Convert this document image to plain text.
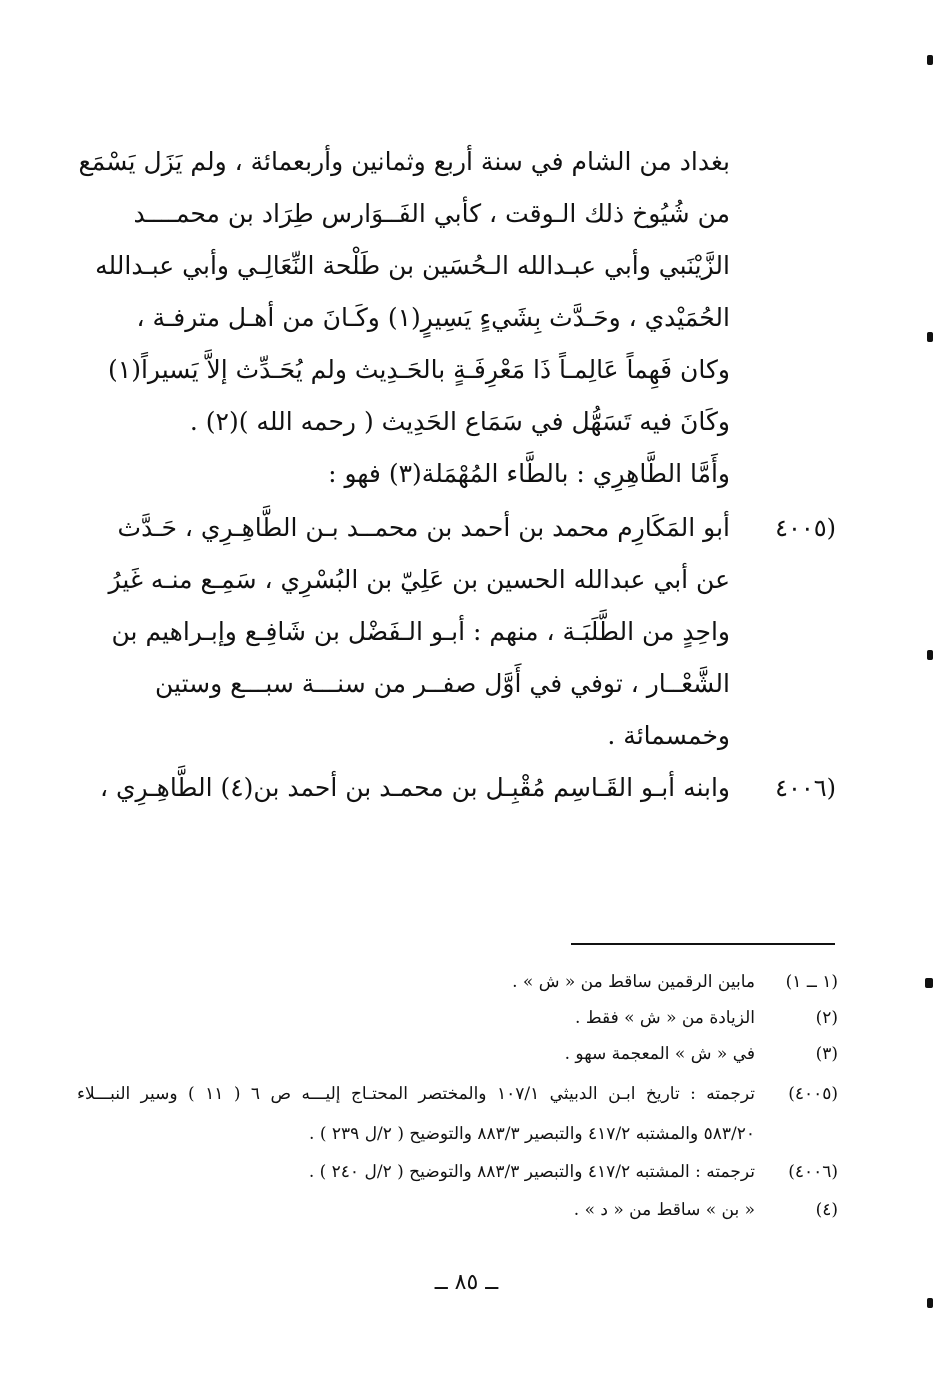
بغداد من الشام في سنة أربع وثمانين وأربعمائة ، ولم يَزَل يَسْمَع
من شُيُوخ ذلك الـوقت ، كأبي الفَــوَارس طِرَاد بن محمــــد
الزَّيْنَبي وأبي عبـدالله الـحُسَين بن طَلْحة النِّعَالِـي وأبي عبـدالله
الحُمَيْدي ، وحَـدَّث بِشَيءٍ يَسِيرٍ(١) وكَـانَ من أهـل مترفـة ،
وكان فَهِماً عَالِمـاً ذَا مَعْرِفَـةٍ بالحَـدِيث ولم يُحَـدِّث إلاَّ يَسيراً(١)
وكَانَ فيه تَسَهُّل في سَمَاع الحَدِيث ( رحمه الله )(٢) .
وأَمَّا الطَّاهِرِي : بالطَّاء المُهْمَلة(٣) فهو :
(٤٠٠٥
أبو المَكَارِم محمد بن أحمد بن محمــد بـن الطَّاهِـرِي ، حَـدَّث
عن أبي عبدالله الحسين بن عَلِيّ بن البُسْرِي ، سَمِـع منـه غَيرُ
واحِدٍ من الطَّلَبَـة ، منهم : أبـو الـفَضْل بن شَافِـع وإبـراهيم بن
الشَّعْــار ، توفي في أَوَّل صفــر من سنـــة سبـــع وستين
وخمسمائة .
(٤٠٠٦
وابنه أبـو القَـاسِم مُقْبِـل بن محمـد بن أحمد بن(٤) الطَّاهِـرِي ،
(١ ــ ١)
مابين الرقمين ساقط من « ش » .
(٢)
الزيادة من « ش » فقط .
(٣)
في « ش » المعجمة سهو .
(٤٠٠٥)
ترجمته : تاريخ ابـن الدبيثي ١٠٧/١ والمختصر المحتـاج إليـــه ص ٦ ( ١١ ) وسير النبـــلاء
٥٨٣/٢٠ والمشتبه ٤١٧/٢ والتبصير ٨٨٣/٣ والتوضيح ( ٢/ل ٢٣٩ ) .
(٤٠٠٦)
ترجمته : المشتبه ٤١٧/٢ والتبصير ٨٨٣/٣ والتوضيح ( ٢/ل ٢٤٠ ) .
(٤)
« بن » ساقط من « د » .
ــ ٨٥ ــ
